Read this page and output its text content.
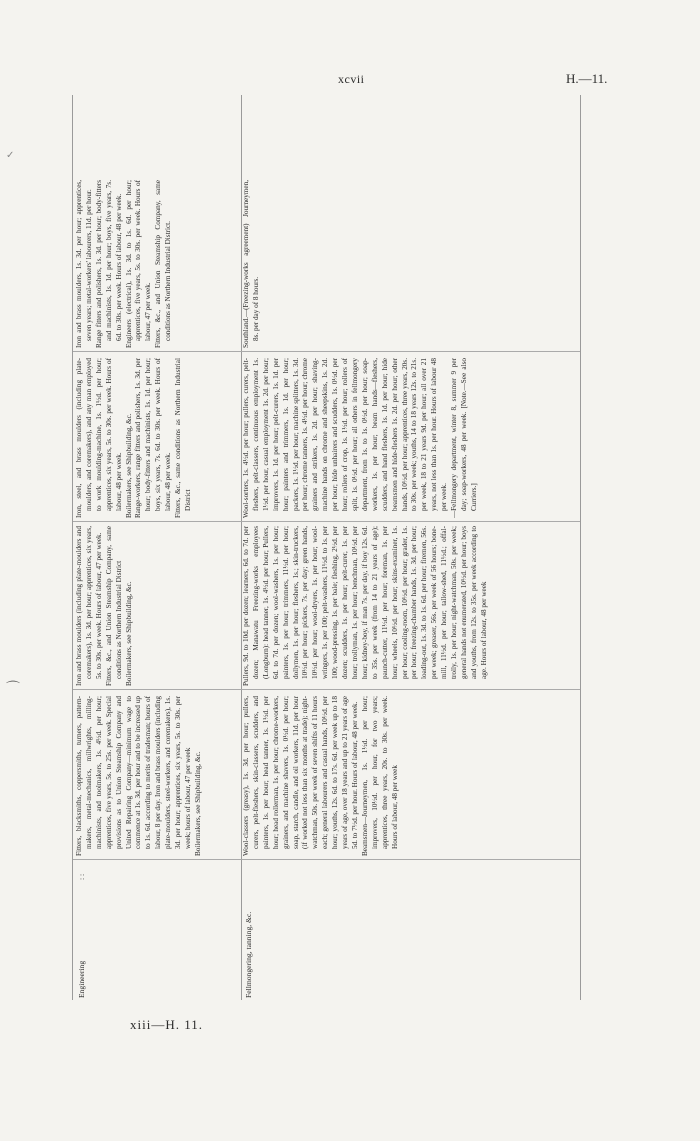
xcvii	H.—11.
xiii—H. 11.
✓
⌒
Engineering
: :

Fitters, blacksmiths, coppersmiths, turners, pattern-makers, metal-mechanics, millwrights, milling-machinists, and toolmakers, 1s. 4½d. per hour; apprentices, five years, 5s. to 25s. per week. Special provisions as to Union Steamship Company and United Repairing Company—minimum wage to commence at 1s. 3d. per hour and to be increased up to 1s. 6d. according to merits of tradesman; hours of labour, 8 per day. Iron and brass moulders (including plate-moulders, steel-workers, and coremakers), 1s. 3d. per hour; apprentices, six years, 5s. to 30s. per week; hours of labour, 47 per week Boilermakers, see Shipbuilding, &c.

Iron and brass moulders (including plate-moulders and coremakers), 1s. 3d. per hour; apprentices, six years, 5s. to 30s. per week. Hours of labour, 47 per week. Fitters, &c., and Union Steamship Company, same conditions as Northern Industrial District Boilermakers, see Shipbuilding, &c.

Iron, steel, and brass moulders (including plate-moulders, and coremakers), and any man employed to work moulding-machine, 1s. 1½d. per hour; apprentices, six years, 5s. to 30s. per week. Hours of labour, 48 per week. Boilermakers, see Shipbuilding, &c. Range-workers, range fitters and polishers, 1s. 3d. per hour; body-fitters and machinists, 1s. 1d. per hour; boys, six years, 7s. 6d. to 30s. per week. Hours of labour, 48 per week. Fitters, &c., same conditions as Northern Industrial District

Iron and brass moulders, 1s. 3d. per hour; apprentices, seven years; metal-workers' labourers, 11d. per hour. Range fitters and polishers, 1s. 3d. per hour; body-fitters and machinists, 1s. 1d. per hour; boys, five years, 7s. 6d. to 30s. per week. Hours of labour, 48 per week. Engineers (electrical), 1s. 3d. to 1s. 6d. per hour; apprentices, five years, 5s. to 30s. per week. Hours of labour, 47 per week. Fitters, &c., and Union Steamship Company, same conditions as Northern Industrial District.

Fellmongering, tanning, &c.

Wool-classers (greasy), 1s. 3d. per hour; pullers, curers, pelt-fleshers, skin-classers, scudders, and painters, 1s. per hour; head tanner, 1s. 1½d. per hour; head rollerman, 1s. per hour; chrome-workers, grainers, and machine shavers, 1s. 0½d. per hour; soap, starch, candle, and oil workers, 11d. per hour (if worked not less than six months at trade); night-watchman, 50s. per week of seven shifts of 11 hours each; general labourers and casual hands, 10½d. per hour; youths, 12s. 6d. to 17s. 6d. per week up to 18 years of age, over 18 years and up to 21 years of age 5d. to 7½d. per hour. Hours of labour, 48 per week. Beamsmen—Journeymen, 1s. 1½d. per hour; improvers, 10½d. per hour, for two years; apprentices, three years, 20s. to 30s. per week. Hours of labour, 48 per week

Pullers, 9d. to 10d. per dozen; learners, 6d. to 7d. per dozen; Manawatu Freezing-works employees (Longburn): head tanner, 1s. 4½d. per hour; Pullers, 6d. to 7d. per dozen; wool-washers, 1s. per hour; painters, 1s. per hour; trimmers, 11½d. per hour; dollymen, 1s. per hour; fleshers, 1s.; skin-truckers, 10½d. per hour; pickers, 7s. per day; green hands, 10½d. per hour; wool-dryers, 1s. per hour; wool-wringers, 1s. per 100; pelt-washers, 11½d. to 1s. per 100; wood-pressing, 1s. per bale; fleshing, 2½d. per dozen; scudders, 1s. per hour; pelt-curer, 1s. per hour; trollyman, 1s. per hour; benchman, 10½d. per hour; kidney-boy, if man 7s. per day, if boy 12s. 6d. to 35s. per week (from 14 to 21 years of age); paunch-cutter, 11½d. per hour; foreman, 1s. per hour; wheels, 10½d. per hour; skins-examiner, 1s. per hour; cooling-room, 10½d. per hour; grader, 1s. per hour; freezing-chamber hands, 1s. 3d. per hour; loading-out, 1s. 3d. to 1s. 6d. per hour; firemen, 56s. per week; greaser, 56s. per week of 56 hours; bone-mill, 11½d. per hour; tallow-shed, 11½d.; offal-trolly, 1s. per hour; night-watchman, 50s. per week; general hands not enumerated, 10½d. per hour; boys and youths, from 12s. to 35s. per week according to age. Hours of labour, 48 per week

Wool-sorters, 1s. 4½d. per hour; pullers, curers, pelt-fleshers, pelt-classers, continuous employment 1s. 1½d. per hour, casual employment 1s. 2d. per hour; improvers, 1s. 1d. per hour; pelt-curers, 1s. 1d. per hour; painters and trimmers, 1s. 1d. per hour; packers, 1s. 1½d. per hour; machine splitters, 1s. 3d. per hour; chrome tanners, 1s. 4½d. per hour; chrome grainers and strikers, 1s. 2d. per hour; shaving-machine hands on chrome and sheepskins, 1s. 2d. per hour; hide unhairers and scudders, 1s. 0½d. per hour; rollers of crop, 1s. 1½d. per hour; rollers of split, 1s. 0½d. per hour; all others in fellmongery department, from 1s. to 1s. 0½d. per hour; soap-workers, 1s. per hour; beam hands—fleshers, scudders, and hand fleshers, 1s. 1d. per hour; hide beamsmen and hide-fleshers 1s. 2d. per hour; other hands, 10½d. per hour; apprentices, three years, 20s. to 30s. per week; youths, 14 to 18 years 12s. to 21s. per week, 18 to 21 years 9d. per hour; all over 21 years, not less than 1s. per hour. Hours of labour 48 per week. —Fellmongery department, winter 8, summer 9 per day; soap-workers, 48 per week. [Note.—See also Curriers.]

Southland.—(Freezing-works agreement) Journeymen, 8s. per day of 8 hours.
